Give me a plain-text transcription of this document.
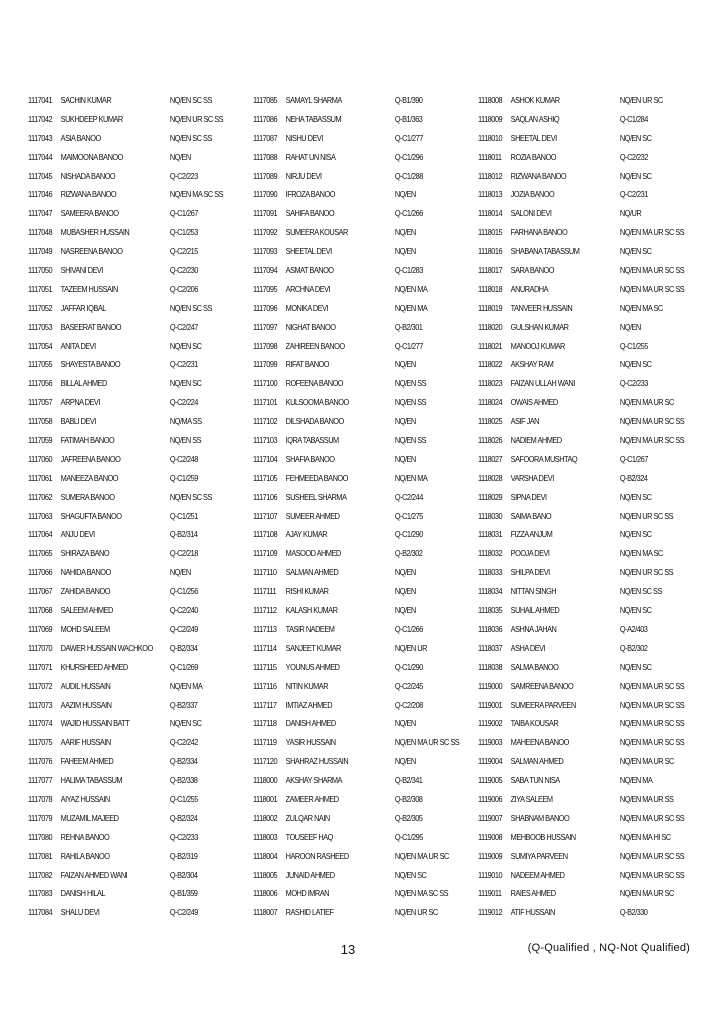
1117041 SACHIN KUMAR	NQ/EN SC SS
1117042 SUKHDEEP KUMAR	NQ/EN UR SC SS
1117043 ASIA BANOO	NQ/EN SC SS
1117044 MAIMOONA BANOO	NQ/EN
1117045 NISHADA BANOO	Q-C2/223
1117046 RIZWANA BANOO	NQ/EN MA SC SS
1117047 SAMEERA BANOO	Q-C1/267
1117048 MUBASHER HUSSAIN	Q-C1/253
1117049 NASREENA BANOO	Q-C2/215
1117050 SHIVANI DEVI	Q-C2/230
1117051 TAZEEM HUSSAIN	Q-C2/206
1117052 JAFFAR IQBAL	NQ/EN SC SS
1117053 BASEERAT BANOO	Q-C2/247
1117054 ANITA DEVI	NQ/EN SC
1117055 SHAYESTA BANOO	Q-C2/231
1117056 BILLAL AHMED	NQ/EN SC
1117057 ARPNA DEVI	Q-C2/224
1117058 BABLI DEVI	NQ/MA SS
1117059 FATIMAH BANOO	NQ/EN SS
1117060 JAFREENA BANOO	Q-C2/248
1117061 MANEEZA BANOO	Q-C1/259
1117062 SUMERA BANOO	NQ/EN SC SS
1117063 SHAGUFTA BANOO	Q-C1/251
1117064 ANJU DEVI	Q-B2/314
1117065 SHIRAZA BANO	Q-C2/218
1117066 NAHIDA BANOO	NQ/EN
1117067 ZAHIDA BANOO	Q-C1/256
1117068 SALEEM AHMED	Q-C2/240
1117069 MOHD SALEEM	Q-C2/249
1117070 DAWER HUSSAIN WACHKOO Q-B2/334
1117071 KHURSHEED AHMED	Q-C1/269
1117072 AUDIL HUSSAIN	NQ/EN MA
1117073 AAZIM HUSSAIN	Q-B2/337
1117074 WAJID HUSSAIN BATT	NQ/EN SC
1117075 AARIF HUSSAIN	Q-C2/242
1117076 FAHEEM AHMED	Q-B2/334
1117077 HALIMA TABASSUM	Q-B2/338
1117078 AIYAZ HUSSAIN	Q-C1/255
1117079 MUZAMIL MAJEED	Q-B2/324
1117080 REHNA BANOO	Q-C2/233
1117081 RAHILA BANOO	Q-B2/319
1117082 FAIZAN AHMED WANI	Q-B2/304
1117083 DANISH HILAL	Q-B1/359
1117084 SHALU DEVI	Q-C2/249
1117085 SAMAYL SHARMA	Q-B1/390
1117086 NEHA TABASSUM	Q-B1/363
1117087 NISHU DEVI	Q-C1/277
1117088 RAHAT UN NISA	Q-C1/296
1117089 NIRJU DEVI	Q-C1/288
1117090 IFROZA BANOO	NQ/EN
1117091 SAHIFA BANOO	Q-C1/266
1117092 SUMEERA KOUSAR	NQ/EN
1117093 SHEETAL DEVI	NQ/EN
1117094 ASMAT BANOO	Q-C1/283
1117095 ARCHNA DEVI	NQ/EN MA
1117096 MONIKA DEVI	NQ/EN MA
1117097 NIGHAT BANOO	Q-B2/301
1117098 ZAHIREEN BANOO	Q-C1/277
1117099 RIFAT BANOO	NQ/EN
1117100 ROFEENA BANOO	NQ/EN SS
1117101 KULSOOMA BANOO	NQ/EN SS
1117102 DILSHADA BANOO	NQ/EN
1117103 IQRA TABASSUM	NQ/EN SS
1117104 SHAFIA BANOO	NQ/EN
1117105 FEHMEEDA BANOO	NQ/EN MA
1117106 SUSHEEL SHARMA	Q-C2/244
1117107 SUMEER AHMED	Q-C1/275
1117108 AJAY KUMAR	Q-C1/290
1117109 MASOOD AHMED	Q-B2/302
1117110 SALMAN AHMED	NQ/EN
1117111 RISHI KUMAR	NQ/EN
1117112 KALASH KUMAR	NQ/EN
1117113 TASIR NADEEM	Q-C1/266
1117114 SANJEET KUMAR	NQ/EN UR
1117115 YOUNUS AHMED	Q-C1/290
1117116 NITIN KUMAR	Q-C2/245
1117117 IMTIAZ AHMED	Q-C2/208
1117118 DANISH AHMED	NQ/EN
1117119 YASIR HUSSAIN	NQ/EN MA UR SC SS
1117120 SHAHRAZ HUSSAIN	NQ/EN
1118000 AKSHAY SHARMA	Q-B2/341
1118001 ZAMEER AHMED	Q-B2/308
1118002 ZULQAR NAIN	Q-B2/305
1118003 TOUSEEF HAQ	Q-C1/295
1118004 HAROON RASHEED	NQ/EN MA UR SC
1118005 JUNAID AHMED	NQ/EN SC
1118006 MOHD IMRAN	NQ/EN MA SC SS
1118007 RASHID LATIEF	NQ/EN UR SC
1118008 ASHOK KUMAR	NQ/EN UR SC
1118009 SAQLAN ASHIQ	Q-C1/284
1118010 SHEETAL DEVI	NQ/EN SC
1118011 ROZIA BANOO	Q-C2/232
1118012 RIZWANA BANOO	NQ/EN SC
1118013 JOZIA BANOO	Q-C2/231
1118014 SALONI DEVI	NQ/UR
1118015 FARHANA BANOO	NQ/EN MA UR SC SS
1118016 SHABANA TABASSUM	NQ/EN SC
1118017 SARA BANOO	NQ/EN MA UR SC SS
1118018 ANURADHA	NQ/EN MA UR SC SS
1118019 TANVEER HUSSAIN	NQ/EN MA SC
1118020 GULSHAN KUMAR	NQ/EN
1118021 MANOOJ KUMAR	Q-C1/255
1118022 AKSHAY RAM	NQ/EN SC
1118023 FAIZAN ULLAH WANI	Q-C2/233
1118024 OWAIS AHMED	NQ/EN MA UR SC
1118025 ASIF JAN	NQ/EN MA UR SC SS
1118026 NADIEM AHMED	NQ/EN MA UR SC SS
1118027 SAFOORA MUSHTAQ	Q-C1/267
1118028 VARSHA DEVI	Q-B2/324
1118029 SIPNA DEVI	NQ/EN SC
1118030 SAIMA BANO	NQ/EN UR SC SS
1118031 FIZZA ANJUM	NQ/EN SC
1118032 POOJA DEVI	NQ/EN MA SC
1118033 SHILPA DEVI	NQ/EN UR SC SS
1118034 NITTAN SINGH	NQ/EN SC SS
1118035 SUHAIL AHMED	NQ/EN SC
1118036 ASHNA JAHAN	Q-A2/403
1118037 ASHA DEVI	Q-B2/302
1118038 SALMA BANOO	NQ/EN SC
1119000 SAMREENA BANOO	NQ/EN MA UR SC SS
1119001 SUMEERA PARVEEN	NQ/EN MA UR SC SS
1119002 TAIBA KOUSAR	NQ/EN MA UR SC SS
1119003 MAHEENA BANOO	NQ/EN MA UR SC SS
1119004 SALMAN AHMED	NQ/EN MA UR SC
1119005 SABA TUN NISA	NQ/EN MA
1119006 ZIYA SALEEM	NQ/EN MA UR SS
1119007 SHABNAM BANOO	NQ/EN MA UR SC SS
1119008 MEHBOOB HUSSAIN	NQ/EN MA HI SC
1119009 SUMIYA PARVEEN	NQ/EN MA UR SC SS
1119010 NADEEM AHMED	NQ/EN MA UR SC SS
1119011 RAIES AHMED	NQ/EN MA UR SC
1119012 ATIF HUSSAIN	Q-B2/330
13	(Q-Qualified , NQ-Not Qualified)
